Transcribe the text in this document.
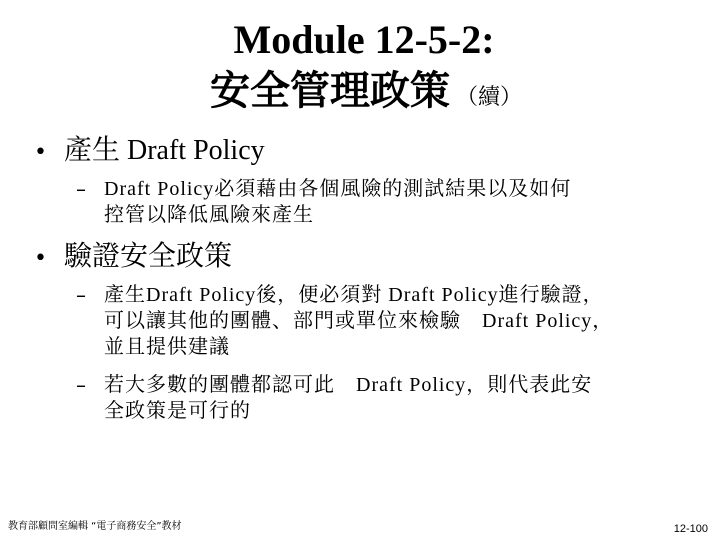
Module 12-5-2:
安全管理政策 （續）
• 產生 Draft Policy
– Draft Policy必須藉由各個風險的測試結果以及如何
控管以降低風險來產生
• 驗證安全政策
– 產生Draft Policy後，便必須對 Draft Policy進行驗證，
可以讓其他的團體、部門或單位來檢驗　Draft Policy，
並且提供建議
– 若大多數的團體都認可此　Draft Policy，則代表此安
全政策是可行的
教育部顧問室編輯 “電子商務安全”教材	12-100
